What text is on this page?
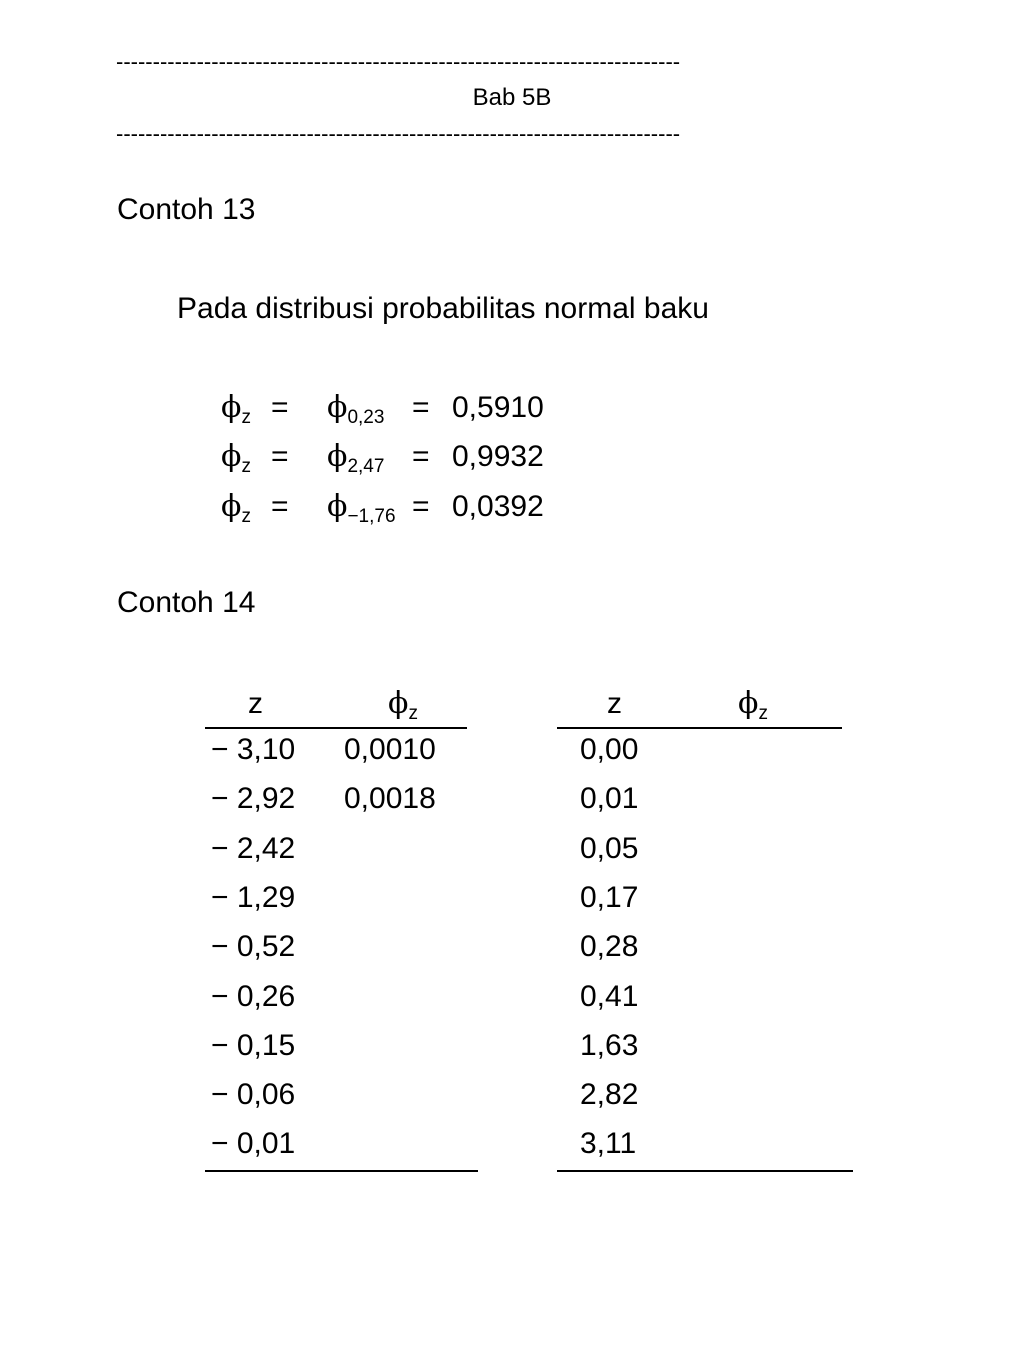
-----------------------------------------------------------------------------
Bab 5B
-----------------------------------------------------------------------------
Contoh 13
Pada distribusi probabilitas normal baku
$\phi_z = \phi_{0,23} = 0,5910$
$\phi_z = \phi_{2,47} = 0,9932$
$\phi_z = \phi_{-1,76} = 0,0392$
Contoh 14
z	$\phi_z$
− 3,10 0,0010
− 2,92 0,0018
− 2,42
− 1,29
− 0,52
− 0,26
− 0,15
− 0,06
− 0,01
z	$\phi_z$
0,00
0,01
0,05
0,17
0,28
0,41
1,63
2,82
3,11
